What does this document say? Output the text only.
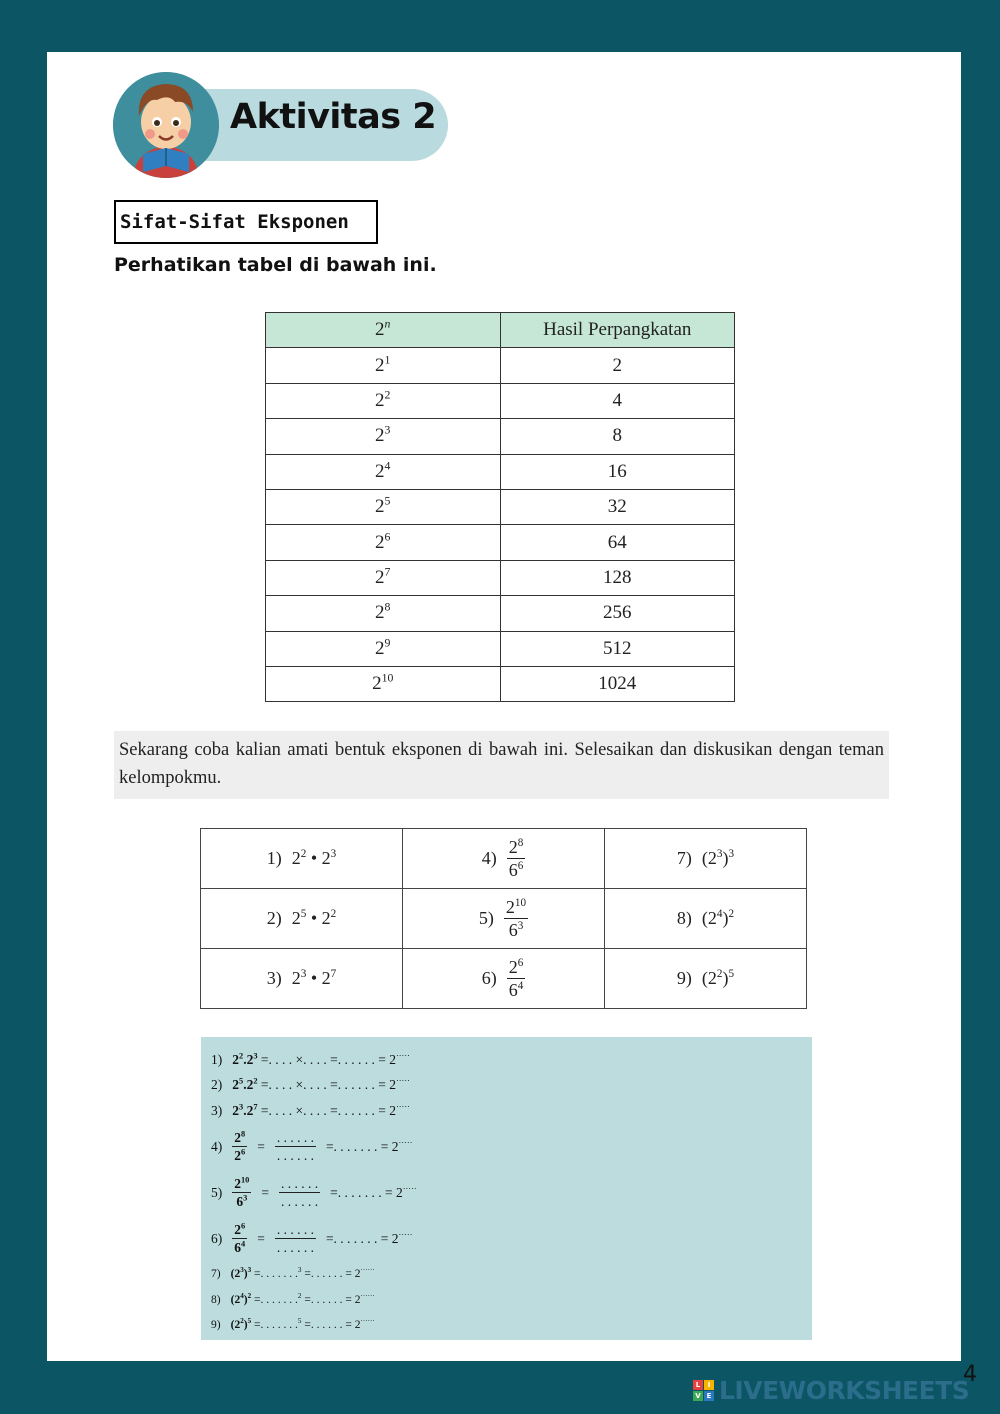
Aktivitas 2
Sifat-Sifat Eksponen
Perhatikan tabel di bawah ini.
2$^n$	Hasil Perpangkatan
$2^1$	2
$2^2$	4
$2^3$	8
$2^4$	16
$2^5$	32
$2^6$	64
$2^7$	128
$2^8$	256
$2^9$	512
$2^{10}$	1024
Sekarang coba kalian amati bentuk eksponen di bawah ini. Selesaikan dan diskusikan dengan teman kelompokmu.
1) $2^2$ • $2^3$	$4) \frac{2^8}{6^6}$	7) $(2^3)^3$

2) $2^5$ • $2^2$	$5) \frac{2^{10}}{6^3}$	8) $(2^4)^2$

3) $2^3$ • $2^7$	$6) \frac{2^6}{6^4}$	9) $(2^2)^5$
1) $2^2.2^3$ =. . . . ×. . . . =. . . . . . = 2·····
2) $2^5.2^2$ =. . . . ×. . . . =. . . . . . = 2·····
3) $2^3.2^7$ =. . . . ×. . . . =. . . . . . = 2·····
$4) \frac{2^8}{2^6} = \frac{. . . . . .}{. . . . . .}$ =. . . . . . . = 2·····
$5) \frac{2^{10}}{6^3} = \frac{. . . . . .}{. . . . . .}$ =. . . . . . . = 2·····
$6) \frac{2^6}{6^4} = \frac{. . . . . .}{. . . . . .}$ =. . . . . . . = 2·····
7) $(2^3)^3$ =. . . . . . .$^3$ =. . . . . . = 2······
8) $(2^4)^2$ =. . . . . . .$^2$ =. . . . . . = 2······
9) $(2^2)^5$ =. . . . . . .$^5$ =. . . . . . = 2······
4
L	I
V E LIVEWORKSHEETS
